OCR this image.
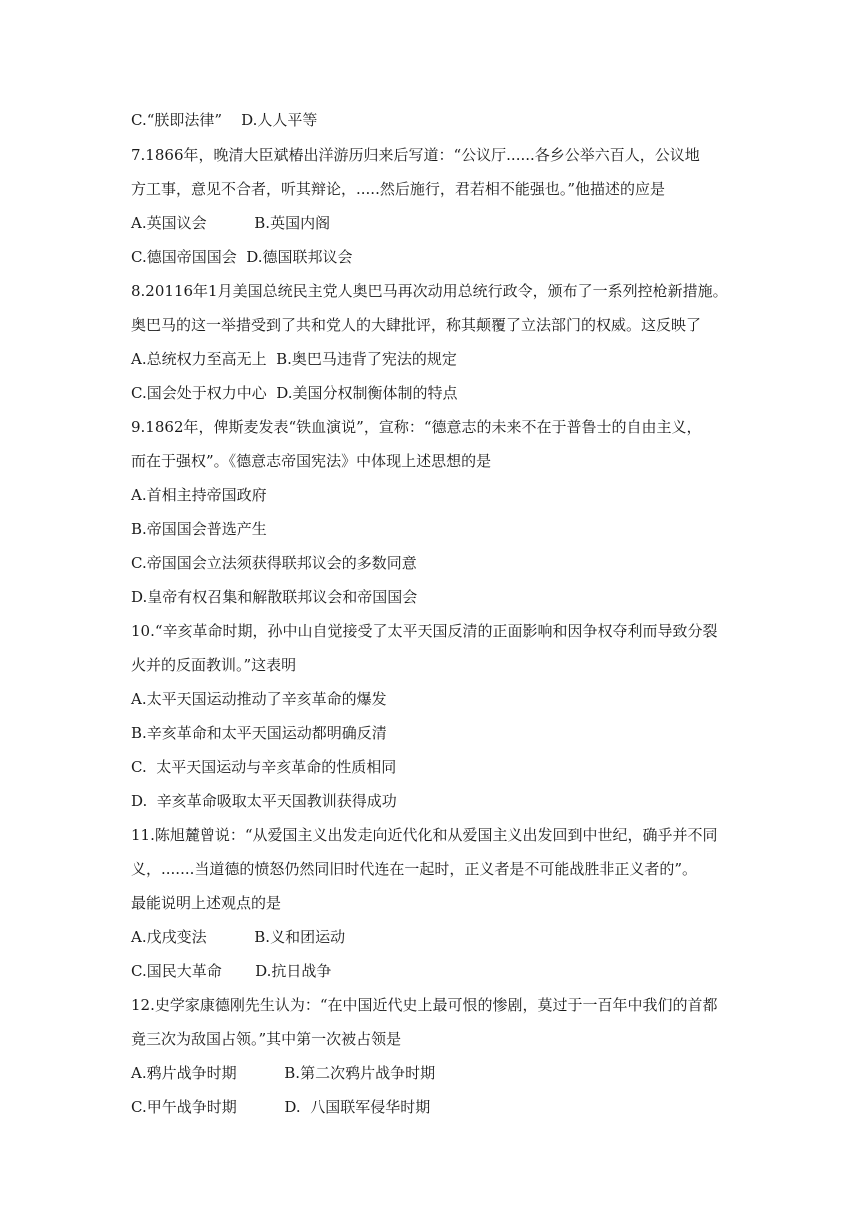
C.“朕即法律”    D.人人平等
7.1866年，晚清大臣斌椿出洋游历归来后写道：“公议厅......各乡公举六百人，公议地
方工事，意见不合者，听其辩论，.....然后施行，君若相不能强也。”他描述的应是
A.英国议会          B.英国内阁
C.德国帝国国会  D.德国联邦议会
8.20116年1月美国总统民主党人奥巴马再次动用总统行政令，颁布了一系列控枪新措施。
奥巴马的这一举措受到了共和党人的大肆批评，称其颠覆了立法部门的权威。这反映了
A.总统权力至高无上  B.奥巴马违背了宪法的规定
C.国会处于权力中心  D.美国分权制衡体制的特点
9.1862年，俾斯麦发表“铁血演说”，宣称：“德意志的未来不在于普鲁士的自由主义，
而在于强权”。《德意志帝国宪法》中体现上述思想的是
A.首相主持帝国政府
B.帝国国会普选产生
C.帝国国会立法须获得联邦议会的多数同意
D.皇帝有权召集和解散联邦议会和帝国国会
10.“辛亥革命时期，孙中山自觉接受了太平天国反清的正面影响和因争权夺利而导致分裂
火并的反面教训。”这表明
A.太平天国运动推动了辛亥革命的爆发
B.辛亥革命和太平天国运动都明确反清
C.  太平天国运动与辛亥革命的性质相同
D.  辛亥革命吸取太平天国教训获得成功
11.陈旭麓曾说：“从爱国主义出发走向近代化和从爱国主义出发回到中世纪，确乎并不同
义，.......当道德的愤怒仍然同旧时代连在一起时，正义者是不可能战胜非正义者的”。
最能说明上述观点的是
A.戊戌变法          B.义和团运动
C.国民大革命       D.抗日战争
12.史学家康德刚先生认为：“在中国近代史上最可恨的惨剧，莫过于一百年中我们的首都
竟三次为敌国占领。”其中第一次被占领是
A.鸦片战争时期          B.第二次鸦片战争时期
C.甲午战争时期          D.  八国联军侵华时期
